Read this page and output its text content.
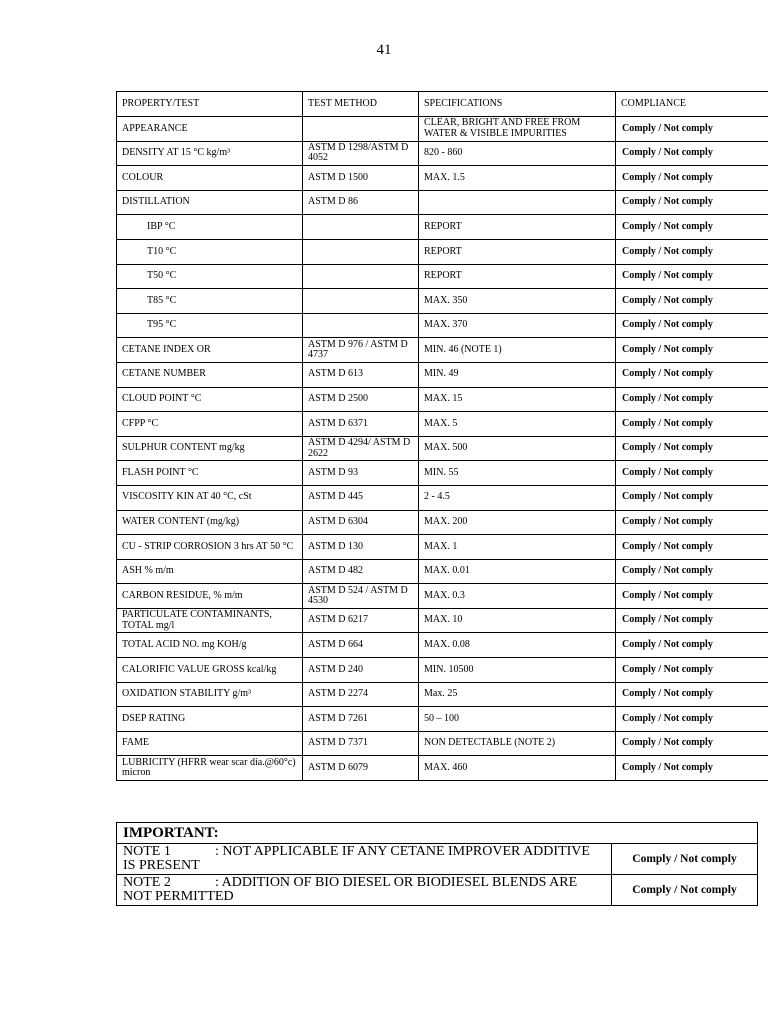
41
PROPERTY/TEST	TEST METHOD	SPECIFICATIONS	COMPLIANCE
APPEARANCE		CLEAR, BRIGHT AND FREE FROM WATER & VISIBLE IMPURITIES	Comply / Not comply
DENSITY AT 15 °C kg/m³	ASTM D 1298/ASTM D 4052	820 - 860	Comply / Not comply
COLOUR	ASTM D 1500	MAX. 1.5	Comply / Not comply
DISTILLATION	ASTM D 86		Comply / Not comply
IBP °C		REPORT	Comply / Not comply
T10 °C		REPORT	Comply / Not comply
T50 °C		REPORT	Comply / Not comply
T85 °C		MAX. 350	Comply / Not comply
T95 °C		MAX. 370	Comply / Not comply
CETANE INDEX OR	ASTM D 976 / ASTM D 4737	MIN. 46 (NOTE 1)	Comply / Not comply
CETANE NUMBER	ASTM D 613	MIN. 49	Comply / Not comply
CLOUD POINT °C	ASTM D 2500	MAX. 15	Comply / Not comply
CFPP °C	ASTM D 6371	MAX. 5	Comply / Not comply
SULPHUR CONTENT mg/kg	ASTM D 4294/ ASTM D 2622	MAX. 500	Comply / Not comply
FLASH POINT °C	ASTM D 93	MIN. 55	Comply / Not comply
VISCOSITY KIN AT 40 °C, cSt	ASTM D 445	2 - 4.5	Comply / Not comply
WATER CONTENT (mg/kg)	ASTM D 6304	MAX. 200	Comply / Not comply
CU - STRIP CORROSION 3 hrs AT 50 °C	ASTM D 130	MAX. 1	Comply / Not comply
ASH % m/m	ASTM D 482	MAX. 0.01	Comply / Not comply
CARBON RESIDUE, % m/m	ASTM D 524 / ASTM D 4530	MAX. 0.3	Comply / Not comply
PARTICULATE CONTAMINANTS, TOTAL mg/l	ASTM D 6217	MAX. 10	Comply / Not comply
TOTAL ACID NO. mg KOH/g	ASTM D 664	MAX. 0.08	Comply / Not comply
CALORIFIC VALUE GROSS kcal/kg	ASTM D 240	MIN. 10500	Comply / Not comply
OXIDATION STABILITY g/m³	ASTM D 2274	Max. 25	Comply / Not comply
DSEP RATING	ASTM D 7261	50 – 100	Comply / Not comply
FAME	ASTM D 7371	NON DETECTABLE (NOTE 2)	Comply / Not comply
LUBRICITY (HFRR wear scar dia.@60°c) micron	ASTM D 6079	MAX. 460	Comply / Not comply
IMPORTANT:	
NOTE 1 : NOT APPLICABLE IF ANY CETANE IMPROVER ADDITIVE IS PRESENT	Comply / Not comply
NOTE 2 : ADDITION OF BIO DIESEL OR BIODIESEL BLENDS ARE NOT PERMITTED	Comply / Not comply
